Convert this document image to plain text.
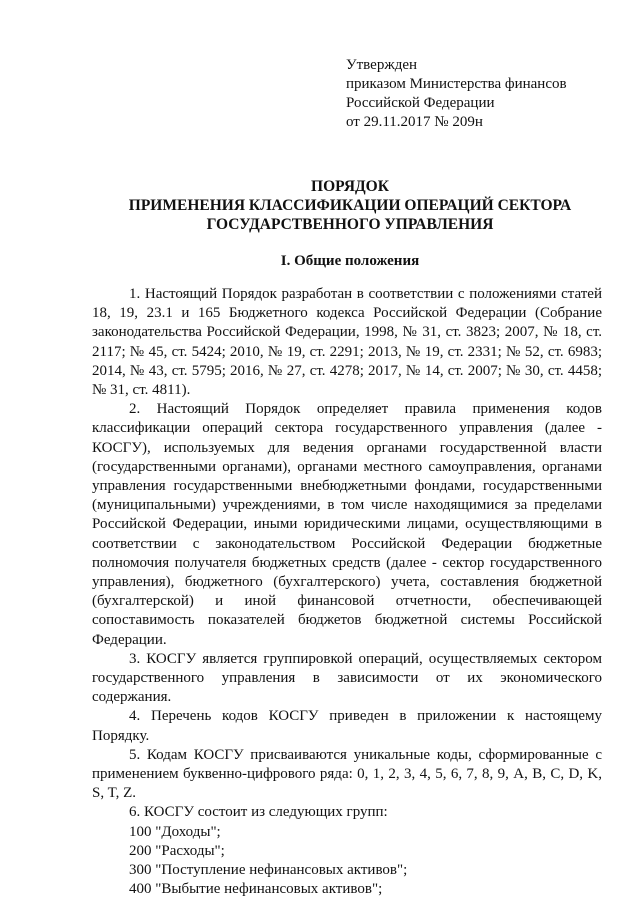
Утвержден
приказом Министерства финансов
Российской Федерации
от 29.11.2017 № 209н
ПОРЯДОК
ПРИМЕНЕНИЯ КЛАССИФИКАЦИИ ОПЕРАЦИЙ СЕКТОРА
ГОСУДАРСТВЕННОГО УПРАВЛЕНИЯ
I. Общие положения

1. Настоящий Порядок разработан в соответствии с положениями статей 18, 19, 23.1 и 165 Бюджетного кодекса Российской Федерации (Собрание законодательства Российской Федерации, 1998, № 31, ст. 3823; 2007, № 18, ст. 2117; № 45, ст. 5424; 2010, № 19, ст. 2291; 2013, № 19, ст. 2331; № 52, ст. 6983; 2014, № 43, ст. 5795; 2016, № 27, ст. 4278; 2017, № 14, ст. 2007; № 30, ст. 4458; № 31, ст. 4811).

2. Настоящий Порядок определяет правила применения кодов классификации операций сектора государственного управления (далее - КОСГУ), используемых для ведения органами государственной власти (государственными органами), органами местного самоуправления, органами управления государственными внебюджетными фондами, государственными (муниципальными) учреждениями, в том числе находящимися за пределами Российской Федерации, иными юридическими лицами, осуществляющими в соответствии с законодательством Российской Федерации бюджетные полномочия получателя бюджетных средств (далее - сектор государственного управления), бюджетного (бухгалтерского) учета, составления бюджетной (бухгалтерской) и иной финансовой отчетности, обеспечивающей сопоставимость показателей бюджетов бюджетной системы Российской Федерации.

3. КОСГУ является группировкой операций, осуществляемых сектором государственного управления в зависимости от их экономического содержания.

4. Перечень кодов КОСГУ приведен в приложении к настоящему Порядку.

5. Кодам КОСГУ присваиваются уникальные коды, сформированные с применением буквенно-цифрового ряда: 0, 1, 2, 3, 4, 5, 6, 7, 8, 9, A, B, C, D, K, S, T, Z.

6. КОСГУ состоит из следующих групп:

100 "Доходы";

200 "Расходы";

300 "Поступление нефинансовых активов";

400 "Выбытие нефинансовых активов";
